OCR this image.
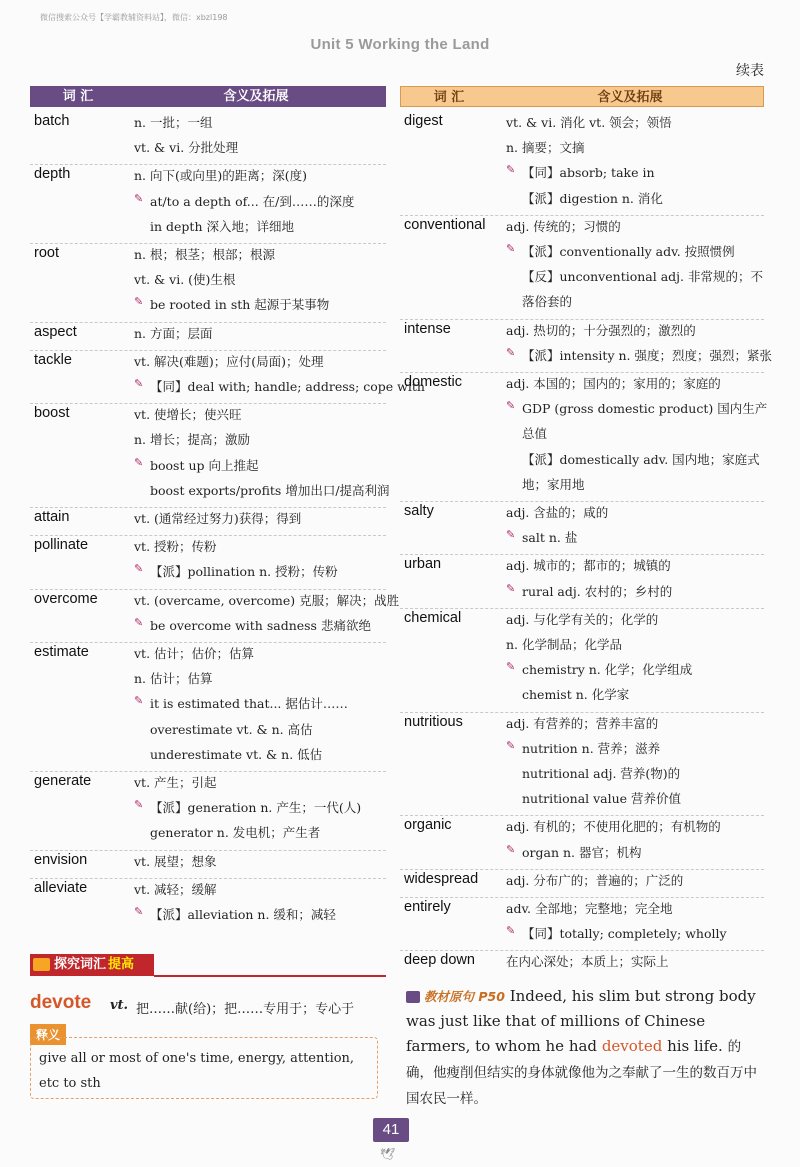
微信搜索公众号【学霸教辅资料站】，微信：xbzl198
Unit 5 Working the Land
续表
词 汇	含义及拓展
batch	n. 一批；一组
vt. & vi. 分批处理
depth	n. 向下(或向里)的距离；深(度)
✎ at/to a depth of... 在/到……的深度
in depth 深入地；详细地
root	n. 根；根茎；根部；根源
vt. & vi. (使)生根
✎ be rooted in sth 起源于某事物
aspect	n. 方面；层面
tackle	vt. 解决(难题)；应付(局面)；处理
✎ 【同】deal with; handle; address; cope with
boost	vt. 使增长；使兴旺
n. 增长；提高；激励
✎ boost up 向上推起
boost exports/profits 增加出口/提高利润
attain	vt. (通常经过努力)获得；得到
pollinate	vt. 授粉；传粉
✎ 【派】pollination n. 授粉；传粉
overcome	vt. (overcame, overcome) 克服；解决；战胜
✎ be overcome with sadness 悲痛欲绝
estimate	vt. 估计；估价；估算
n. 估计；估算
✎ it is estimated that... 据估计……
overestimate vt. & n. 高估
underestimate vt. & n. 低估
generate	vt. 产生；引起
✎ 【派】generation n. 产生；一代(人)
generator n. 发电机；产生者
envision	vt. 展望；想象
alleviate	vt. 减轻；缓解
✎ 【派】alleviation n. 缓和；减轻
词 汇	含义及拓展
digest	vt. & vi. 消化 vt. 领会；领悟
n. 摘要；文摘
✎ 【同】absorb; take in
【派】digestion n. 消化
conventional adj. 传统的；习惯的
✎ 【派】conventionally adv. 按照惯例
【反】unconventional adj. 非常规的；不
落俗套的
intense	adj. 热切的；十分强烈的；激烈的
✎ 【派】intensity n. 强度；烈度；强烈；紧张
domestic	adj. 本国的；国内的；家用的；家庭的
✎ GDP (gross domestic product) 国内生产
总值
【派】domestically adv. 国内地；家庭式
地；家用地
salty	adj. 含盐的；咸的
✎ salt n. 盐
urban	adj. 城市的；都市的；城镇的
✎ rural adj. 农村的；乡村的
chemical	adj. 与化学有关的；化学的
n. 化学制品；化学品
✎ chemistry n. 化学；化学组成
chemist n. 化学家
nutritious	adj. 有营养的；营养丰富的
✎ nutrition n. 营养；滋养
nutritional adj. 营养(物)的
nutritional value 营养价值
organic	adj. 有机的；不使用化肥的；有机物的
✎ organ n. 器官；机构
widespread adj. 分布广的；普遍的；广泛的
entirely	adv. 全部地；完整地；完全地
✎ 【同】totally; completely; wholly
deep down 在内心深处；本质上；实际上
探究词汇 提高
devote vt. 把……献(给)；把……专用于；专心于
释义
give all or most of one's time, energy, attention, etc to sth
教材原句 P50 Indeed, his slim but strong body was just like that of millions of Chinese farmers, to whom he had devoted his life. 的确，他瘦削但结实的身体就像他为之奉献了一生的数百万中国农民一样。
41
🕊
